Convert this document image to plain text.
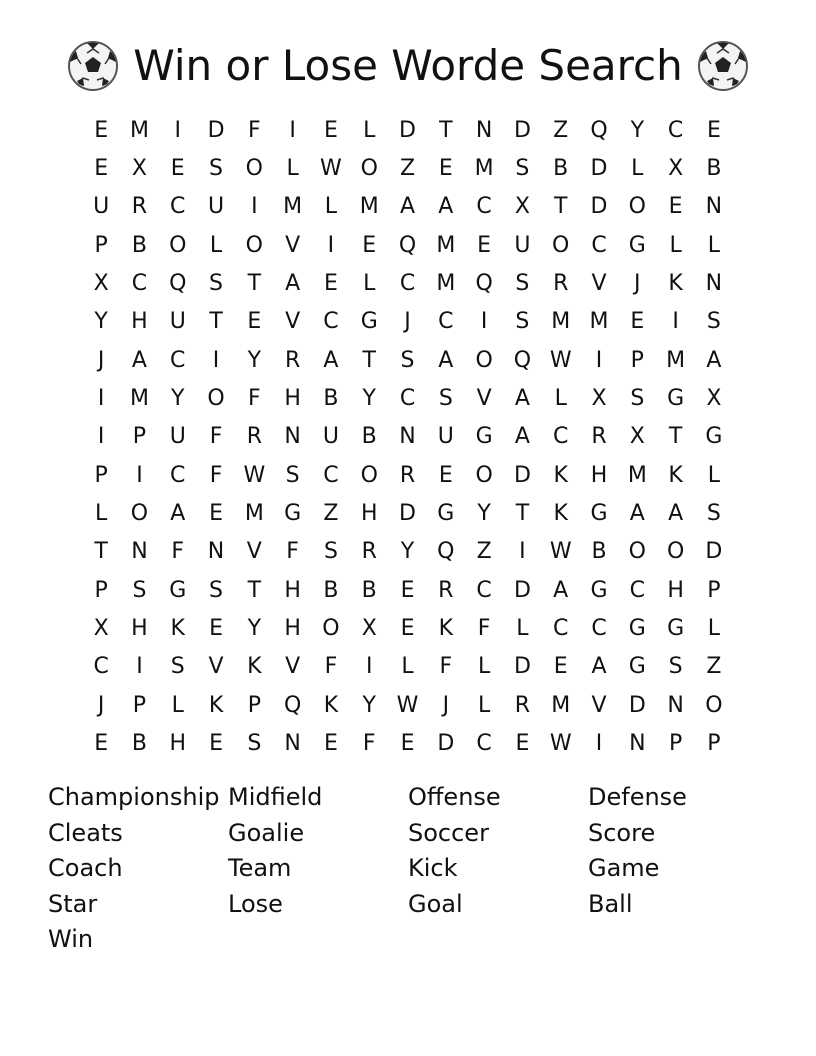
Win or Lose Worde Search
E M	I	D	F	I	E	L	D	T	N D	Z	Q	Y	C	E
E	X	E	S	O	L W O	Z	E M S	B	D	L	X	B
U	R	C	U	I	M	L	M A	A	C	X	T	D O	E	N
P	B	O	L	O	V	I	E	Q M E	U O C	G	L	L
X	C Q	S	T	A	E	L	C M Q	S	R	V	J	K	N
Y	H U	T	E	V	C	G	J	C	I	S M M E	I	S
J	A	C	I	Y	R	A	T	S	A	O Q W	I	P	M A
I	M	Y	O	F	H	B	Y	C	S	V	A	L	X	S	G	X
I	P	U	F	R	N	U	B	N	U G	A	C	R	X	T	G
P	I	C	F W S	C O R	E	O D	K	H M K	L
L	O	A	E M G	Z	H D G	Y	T	K	G	A	A	S
T	N	F	N	V	F	S	R	Y	Q	Z	I	W B	O O D
P	S	G	S	T	H	B	B	E	R	C	D	A	G	C	H	P
X	H	K	E	Y	H O	X	E	K	F	L	C	C	G G	L
C	I	S	V	K	V	F	I	L	F	L	D	E	A	G	S	Z
J	P	L	K	P	Q	K	Y W	J	L	R M V	D N O
E	B	H	E	S	N	E	F	E	D	C	E W	I	N	P	P
Championship Midfield	Offense	Defense
Cleats	Goalie	Soccer	Score
Coach	Team	Kick	Game
Star	Lose	Goal	Ball
Win
